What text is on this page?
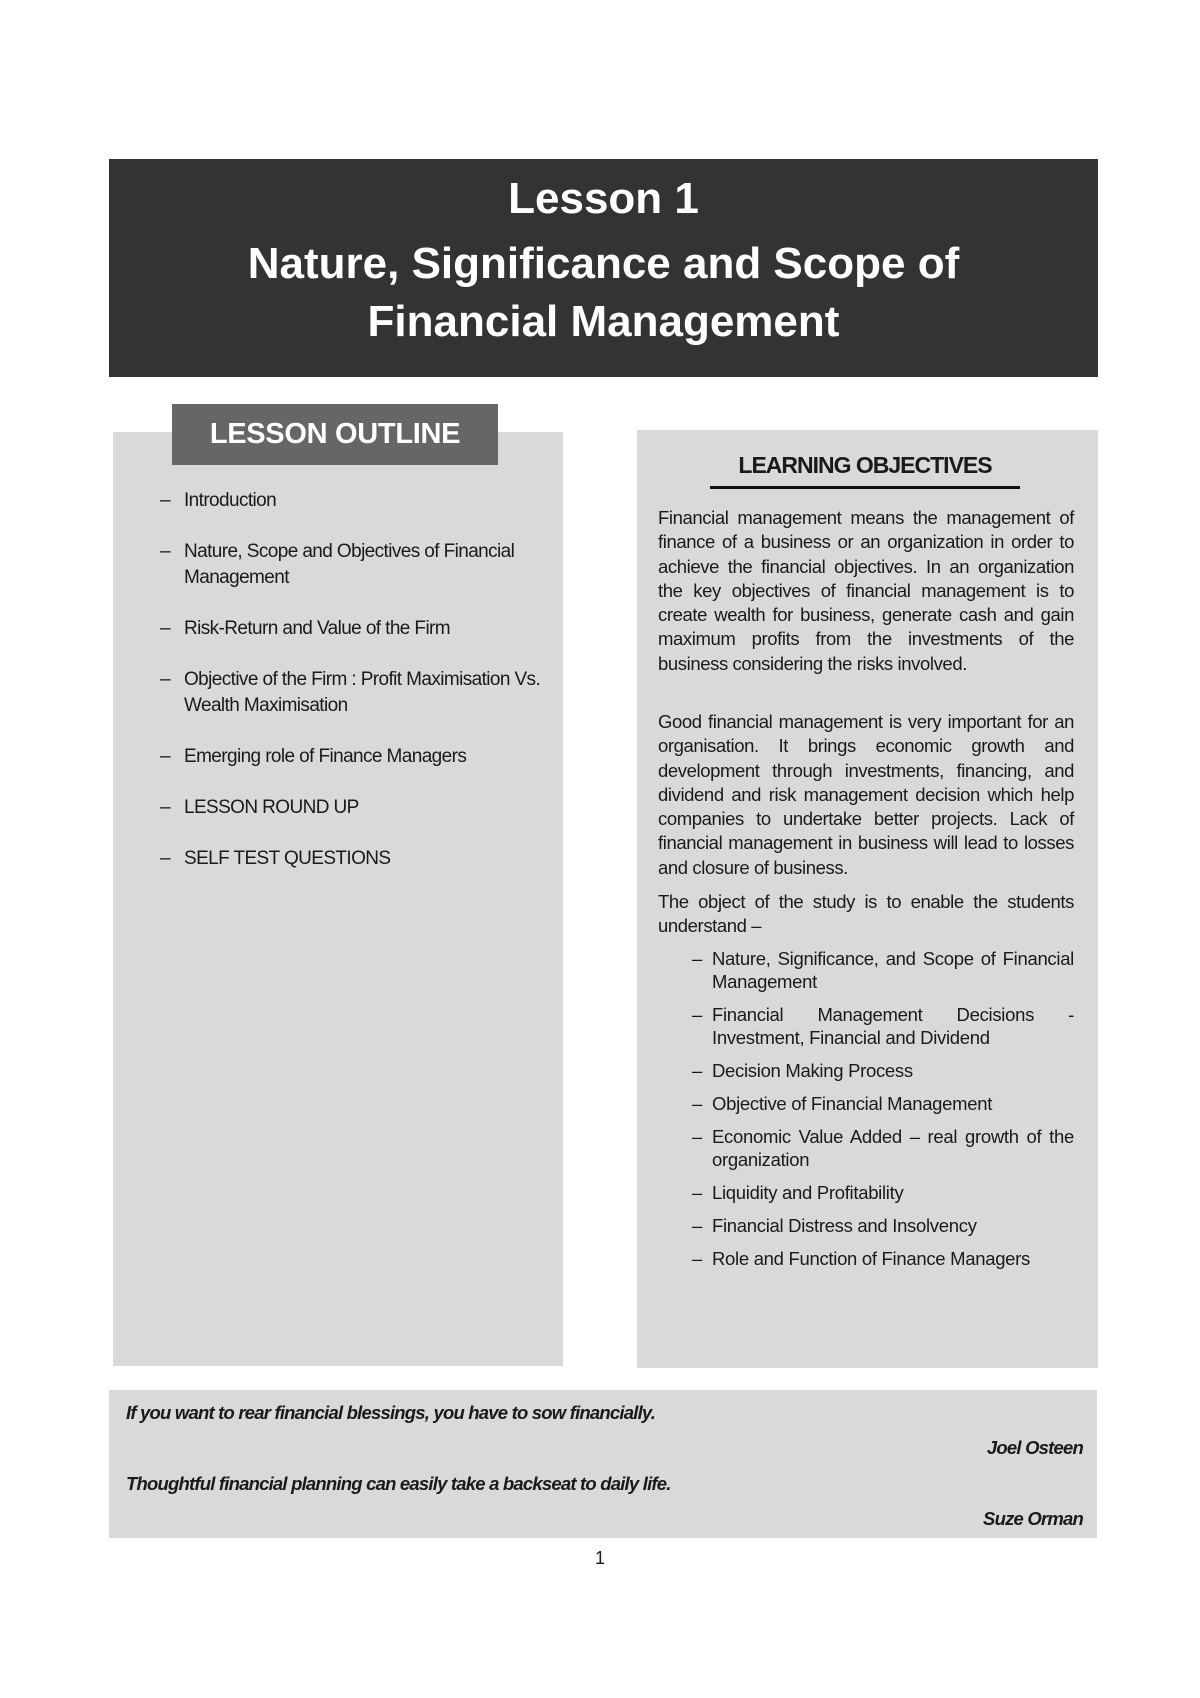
Lesson 1
Nature, Significance and Scope of
Financial Management
LESSON OUTLINE
– Introduction
– Nature, Scope and Objectives of Financial Management
– Risk-Return and Value of the Firm
– Objective of the Firm : Profit Maximisation Vs. Wealth Maximisation
– Emerging role of Finance Managers
– LESSON ROUND UP
– SELF TEST QUESTIONS
LEARNING OBJECTIVES

Financial management means the management of finance of a business or an organization in order to achieve the financial objectives. In an organization the key objectives of financial management is to create wealth for business, generate cash and gain maximum profits from the investments of the business considering the risks involved.

Good financial management is very important for an organisation. It brings economic growth and development through investments, financing, and dividend and risk management decision which help companies to undertake better projects. Lack of financial management in business will lead to losses and closure of business.

The object of the study is to enable the students understand –

– Nature, Significance, and Scope of Financial Management
– Financial Management Decisions - Investment, Financial and Dividend
– Decision Making Process
– Objective of Financial Management
– Economic Value Added – real growth of the organization
– Liquidity and Profitability
– Financial Distress and Insolvency
– Role and Function of Finance Managers
If you want to rear financial blessings, you have to sow financially.
Joel Osteen
Thoughtful financial planning can easily take a backseat to daily life.
Suze Orman
1
